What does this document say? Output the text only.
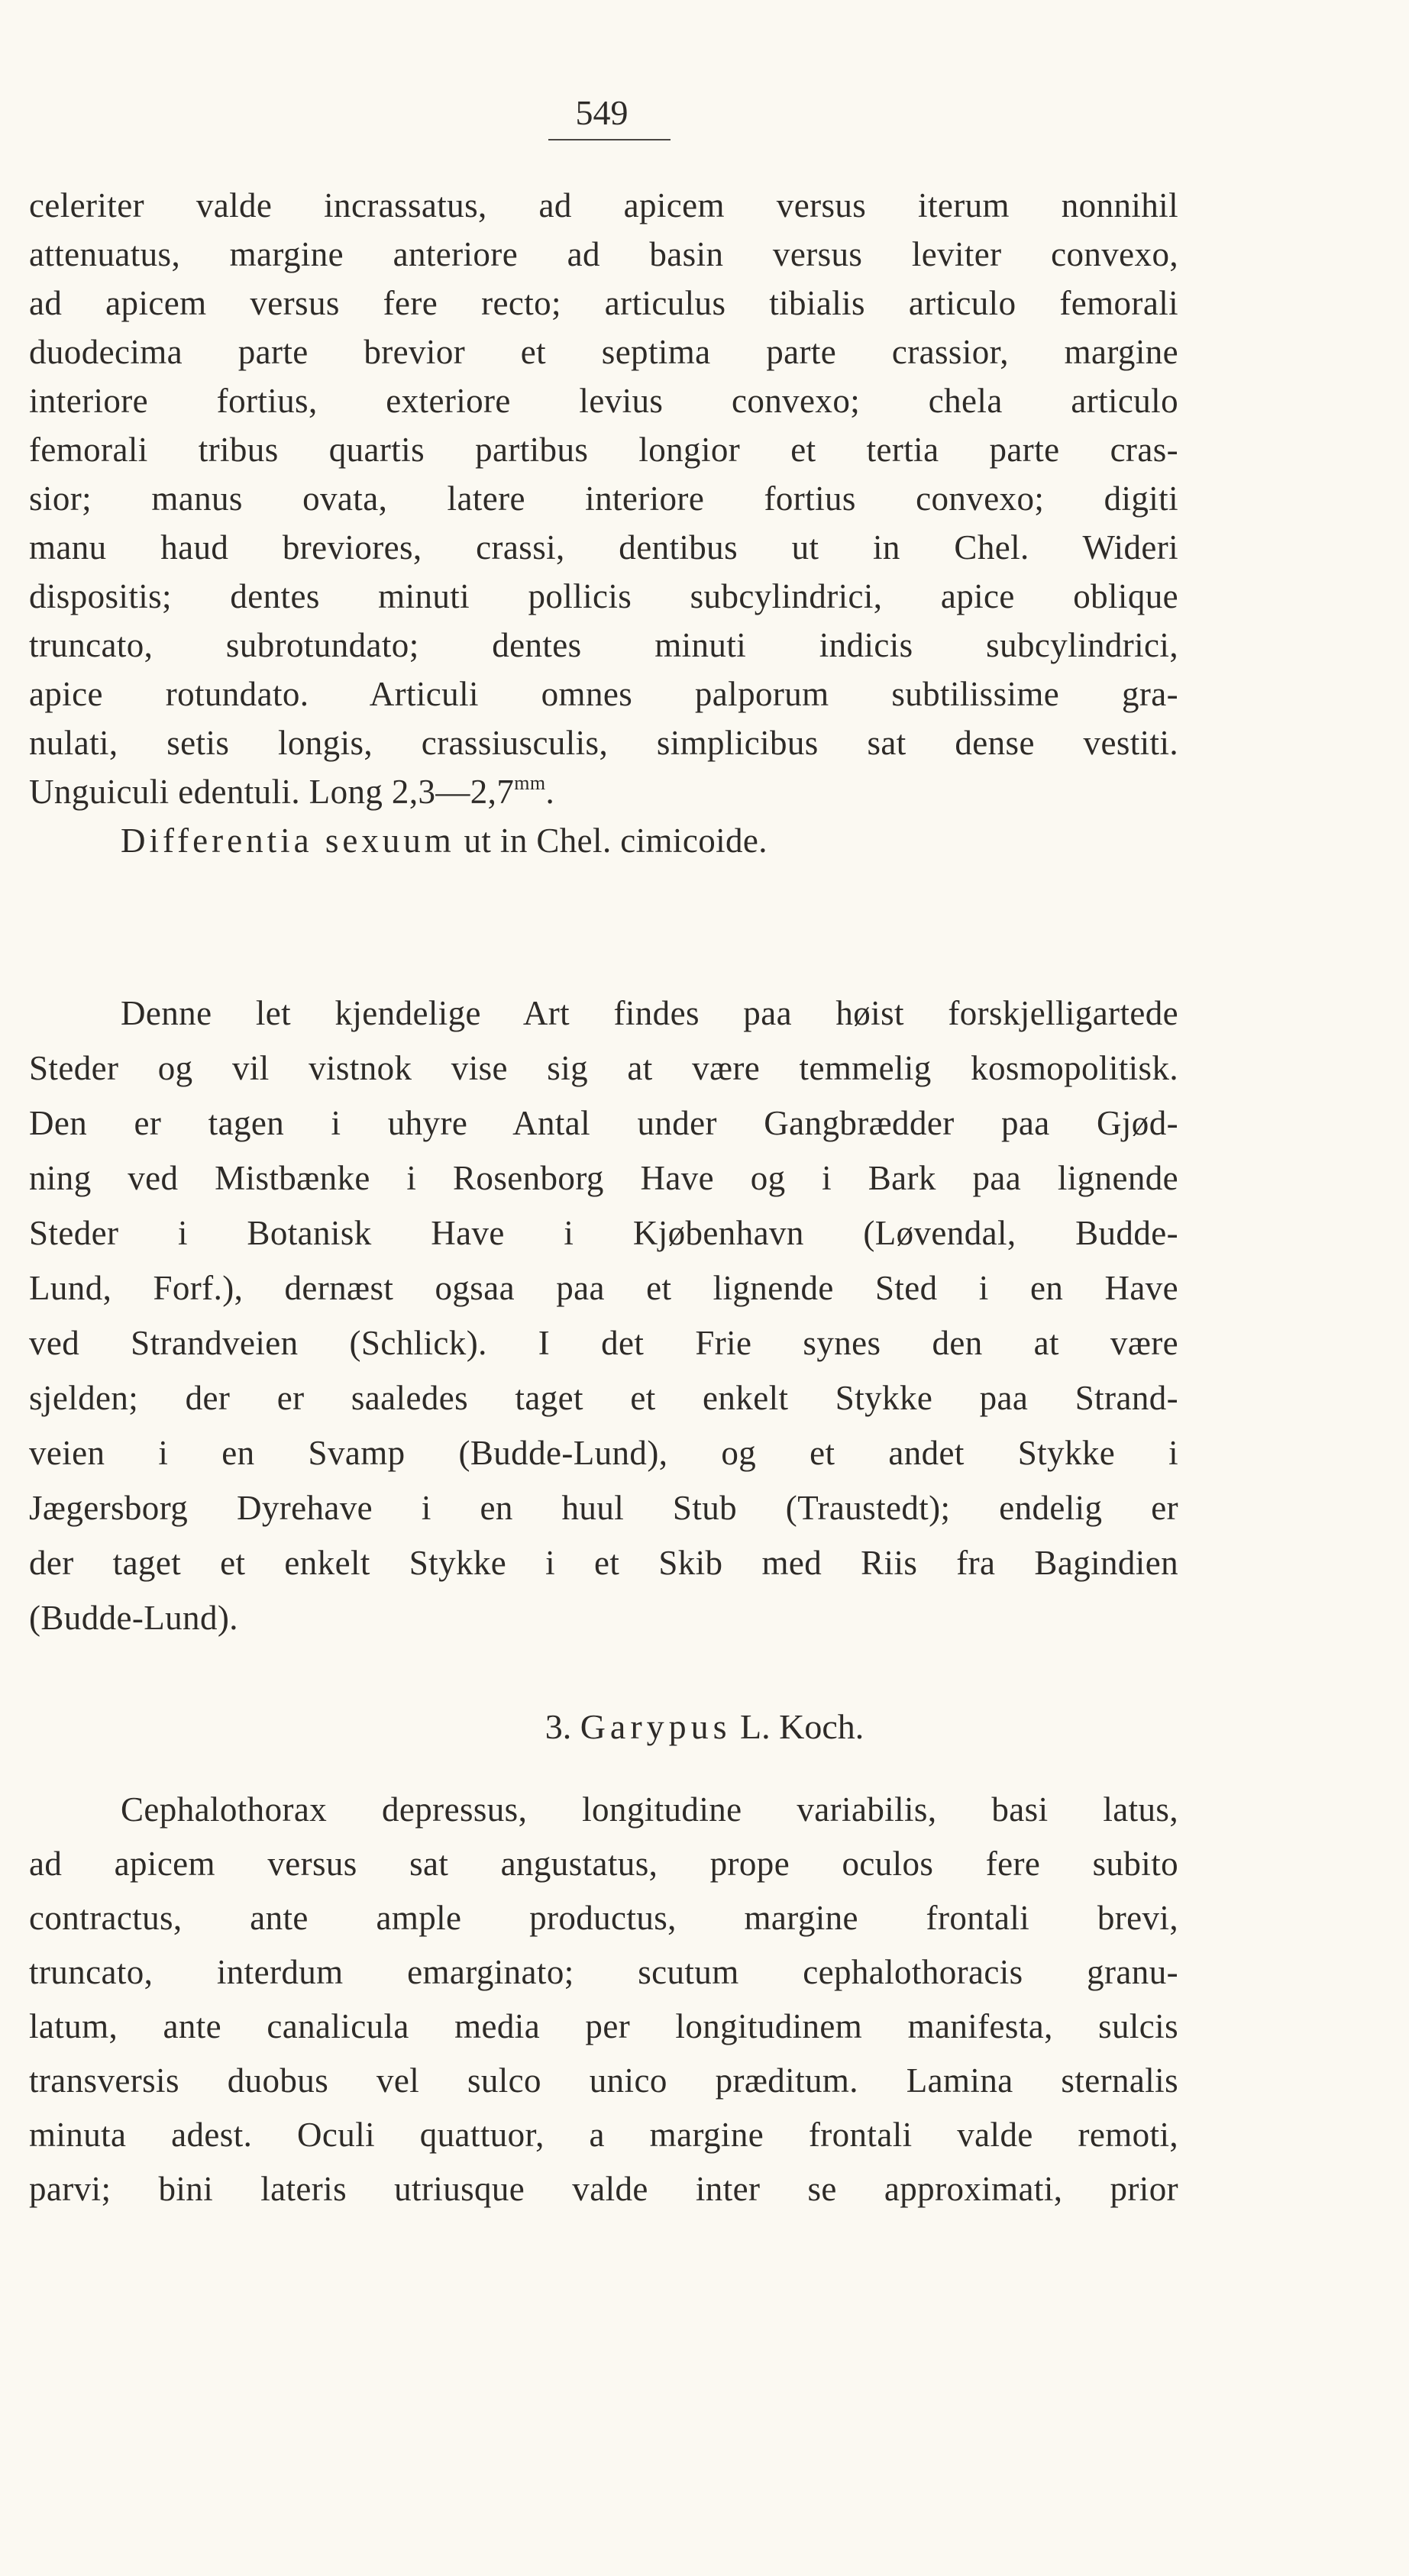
549
celeriter valde incrassatus, ad apicem versus iterum nonnihil
attenuatus, margine anteriore ad basin versus leviter convexo,
ad apicem versus fere recto; articulus tibialis articulo femorali
duodecima parte brevior et septima parte crassior, margine
interiore fortius, exteriore levius convexo; chela articulo
femorali tribus quartis partibus longior et tertia parte cras-
sior; manus ovata, latere interiore fortius convexo; digiti
manu haud breviores, crassi, dentibus ut in Chel. Wideri
dispositis; dentes minuti pollicis subcylindrici, apice oblique
truncato, subrotundato; dentes minuti indicis subcylindrici,
apice rotundato. Articuli omnes palporum subtilissime gra-
nulati, setis longis, crassiusculis, simplicibus sat dense vestiti.
Unguiculi edentuli. Long $2,3—2,7^{mm}$.
Differentia sexuum ut in Chel. cimicoide.
Denne let kjendelige Art findes paa høist forskjelligartede
Steder og vil vistnok vise sig at være temmelig kosmopolitisk.
Den er tagen i uhyre Antal under Gangbrædder paa Gjød-
ning ved Mistbænke i Rosenborg Have og i Bark paa lignende
Steder i Botanisk Have i Kjøbenhavn (Løvendal, Budde-
Lund, Forf.), dernæst ogsaa paa et lignende Sted i en Have
ved Strandveien (Schlick). I det Frie synes den at være
sjelden; der er saaledes taget et enkelt Stykke paa Strand-
veien i en Svamp (Budde-Lund), og et andet Stykke i
Jægersborg Dyrehave i en huul Stub (Traustedt); endelig er
der taget et enkelt Stykke i et Skib med Riis fra Bagindien
(Budde-Lund).
3. Garypus L. Koch.
Cephalothorax depressus, longitudine variabilis, basi latus,
ad apicem versus sat angustatus, prope oculos fere subito
contractus, ante ample productus, margine frontali brevi,
truncato, interdum emarginato; scutum cephalothoracis granu-
latum, ante canalicula media per longitudinem manifesta, sulcis
transversis duobus vel sulco unico præditum. Lamina sternalis
minuta adest. Oculi quattuor, a margine frontali valde remoti,
parvi; bini lateris utriusque valde inter se approximati, prior
